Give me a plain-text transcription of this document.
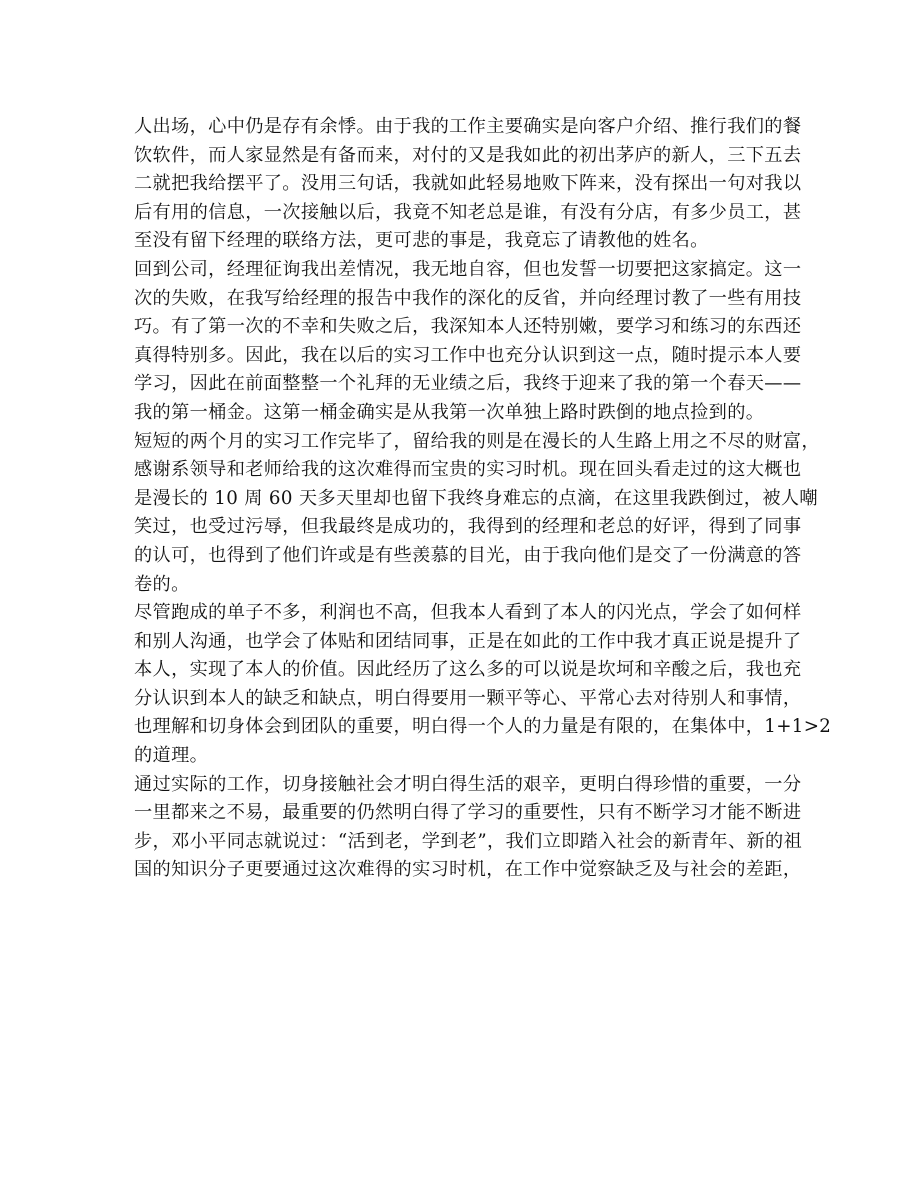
人出场，心中仍是存有余悸。由于我的工作主要确实是向客户介绍、推行我们的餐
饮软件，而人家显然是有备而来，对付的又是我如此的初出茅庐的新人，三下五去
二就把我给摆平了。没用三句话，我就如此轻易地败下阵来，没有探出一句对我以
后有用的信息，一次接触以后，我竟不知老总是谁，有没有分店，有多少员工，甚
至没有留下经理的联络方法，更可悲的事是，我竟忘了请教他的姓名。
回到公司，经理征询我出差情况，我无地自容，但也发誓一切要把这家搞定。这一
次的失败，在我写给经理的报告中我作的深化的反省，并向经理讨教了一些有用技
巧。有了第一次的不幸和失败之后，我深知本人还特别嫩，要学习和练习的东西还
真得特别多。因此，我在以后的实习工作中也充分认识到这一点，随时提示本人要
学习，因此在前面整整一个礼拜的无业绩之后，我终于迎来了我的第一个春天——
我的第一桶金。这第一桶金确实是从我第一次单独上路时跌倒的地点捡到的。
短短的两个月的实习工作完毕了，留给我的则是在漫长的人生路上用之不尽的财富，
感谢系领导和老师给我的这次难得而宝贵的实习时机。现在回头看走过的这大概也
是漫长的 10 周 60 天多天里却也留下我终身难忘的点滴，在这里我跌倒过，被人嘲
笑过，也受过污辱，但我最终是成功的，我得到的经理和老总的好评，得到了同事
的认可，也得到了他们许或是有些羡慕的目光，由于我向他们是交了一份满意的答
卷的。
尽管跑成的单子不多，利润也不高，但我本人看到了本人的闪光点，学会了如何样
和别人沟通，也学会了体贴和团结同事，正是在如此的工作中我才真正说是提升了
本人，实现了本人的价值。因此经历了这么多的可以说是坎坷和辛酸之后，我也充
分认识到本人的缺乏和缺点，明白得要用一颗平等心、平常心去对待别人和事情，
也理解和切身体会到团队的重要，明白得一个人的力量是有限的，在集体中，1+1>2
的道理。
通过实际的工作，切身接触社会才明白得生活的艰辛，更明白得珍惜的重要，一分
一里都来之不易，最重要的仍然明白得了学习的重要性，只有不断学习才能不断进
步，邓小平同志就说过：“活到老，学到老”，我们立即踏入社会的新青年、新的祖
国的知识分子更要通过这次难得的实习时机，在工作中觉察缺乏及与社会的差距，
